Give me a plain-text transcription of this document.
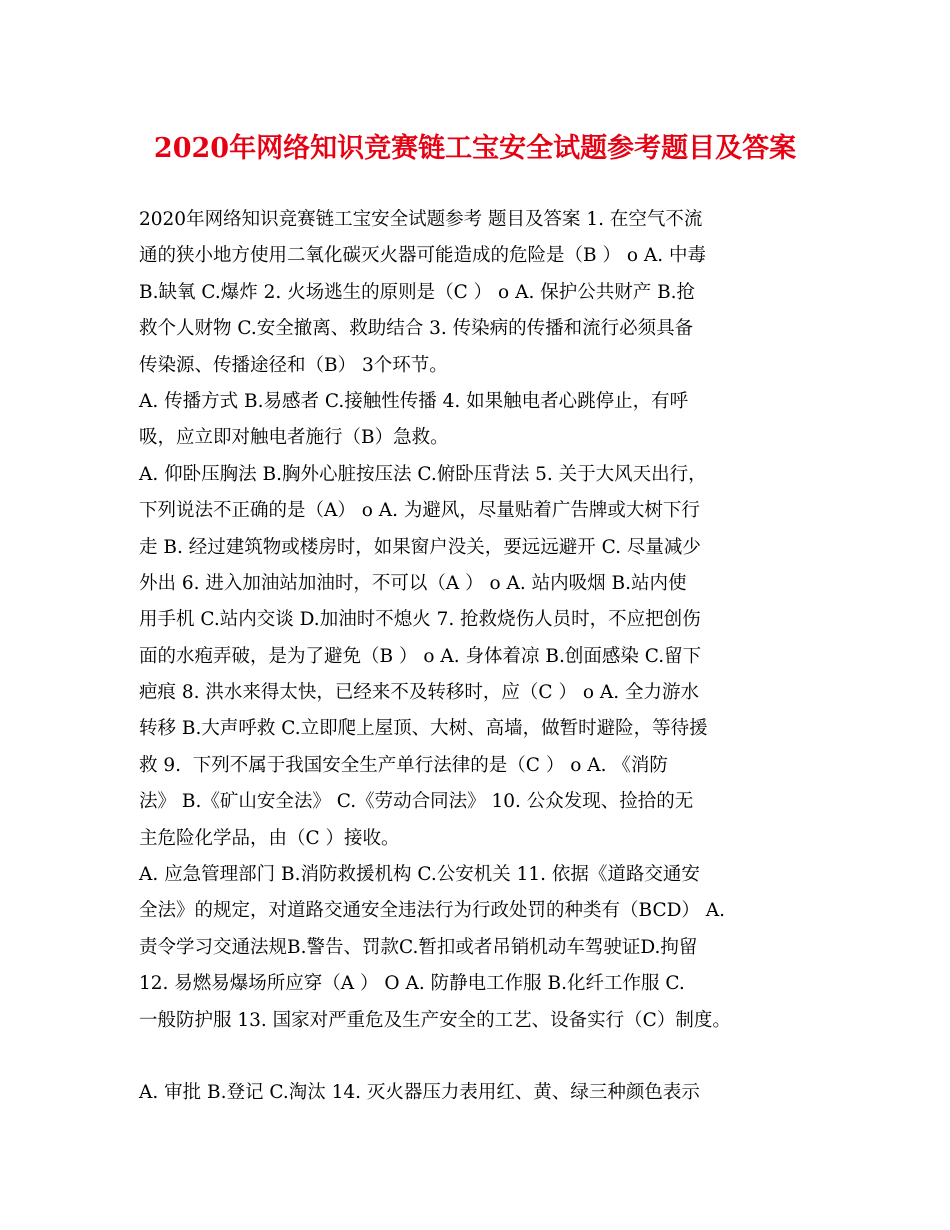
2020年网络知识竞赛链工宝安全试题参考题目及答案
2020年网络知识竞赛链工宝安全试题参考 题目及答案 1. 在空气不流
通的狭小地方使用二氧化碳灭火器可能造成的危险是（B ） o A. 中毒
B.缺氧 C.爆炸 2. 火场逃生的原则是（C ） o A. 保护公共财产 B.抢
救个人财物 C.安全撤离、救助结合 3. 传染病的传播和流行必须具备
传染源、传播途径和（B） 3个环节。
A. 传播方式 B.易感者 C.接触性传播 4. 如果触电者心跳停止，有呼
吸，应立即对触电者施行（B）急救。
A. 仰卧压胸法 B.胸外心脏按压法 C.俯卧压背法 5. 关于大风天出行，
下列说法不正确的是（A） o A. 为避风，尽量贴着广告牌或大树下行
走 B. 经过建筑物或楼房时，如果窗户没关，要远远避开 C. 尽量减少
外出 6. 进入加油站加油时，不可以（A ） o A. 站内吸烟 B.站内使
用手机 C.站内交谈 D.加油时不熄火 7. 抢救烧伤人员时，不应把创伤
面的水疱弄破，是为了避免（B ） o A. 身体着凉 B.创面感染 C.留下
疤痕 8. 洪水来得太快，已经来不及转移时，应（C ） o A. 全力游水
转移 B.大声呼救 C.立即爬上屋顶、大树、高墙，做暂时避险，等待援
救 9.  下列不属于我国安全生产单行法律的是（C ） o A. 《消防
法》 B.《矿山安全法》 C.《劳动合同法》 10. 公众发现、捡拾的无
主危险化学品，由（C ）接收。
A. 应急管理部门 B.消防救援机构 C.公安机关 11. 依据《道路交通安
全法》的规定，对道路交通安全违法行为行政处罚的种类有（BCD） A.
责令学习交通法规B.警告、罚款C.暂扣或者吊销机动车驾驶证D.拘留
12. 易燃易爆场所应穿（A ） O A. 防静电工作服 B.化纤工作服 C.
一般防护服 13. 国家对严重危及生产安全的工艺、设备实行（C）制度。
A. 审批 B.登记 C.淘汰 14. 灭火器压力表用红、黄、绿三种颜色表示
